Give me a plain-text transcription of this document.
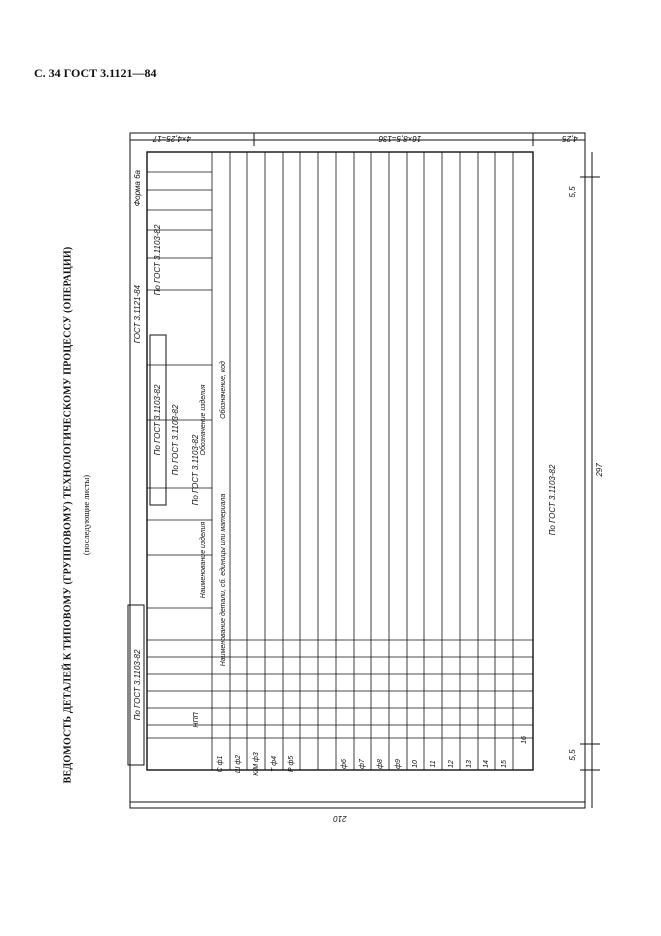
С. 34 ГОСТ 3.1121—84
ВЕДОМОСТЬ ДЕТАЛЕЙ К ТИПОВОМУ (ГРУППОВОМУ) ТЕХНОЛОГИЧЕСКОМУ ПРОЦЕССУ (ОПЕРАЦИИ) (последующие листы)
Форма 6а
ГОСТ 3.1121-84
По ГОСТ 3.1103-82
По ГОСТ 3.1103-82 По ГОСТ 3.1103-82 По ГОСТ 3.1103-82
По ГОСТ 3.1103-82
По ГОСТ 3.1103-82
Обозначение изделия
Наименование изделия
Обозначение, код
Наименование детали, сб. единицы или материала
НПП
4×4,25=17	16×8,5=136	4,25
5,5
5,5
297
210
С ф1 Ш ф2 К/М ф3 Т ф4 Р ф5	ф6 ф7 ф8 ф9 10 11 12 13 14 15
16
